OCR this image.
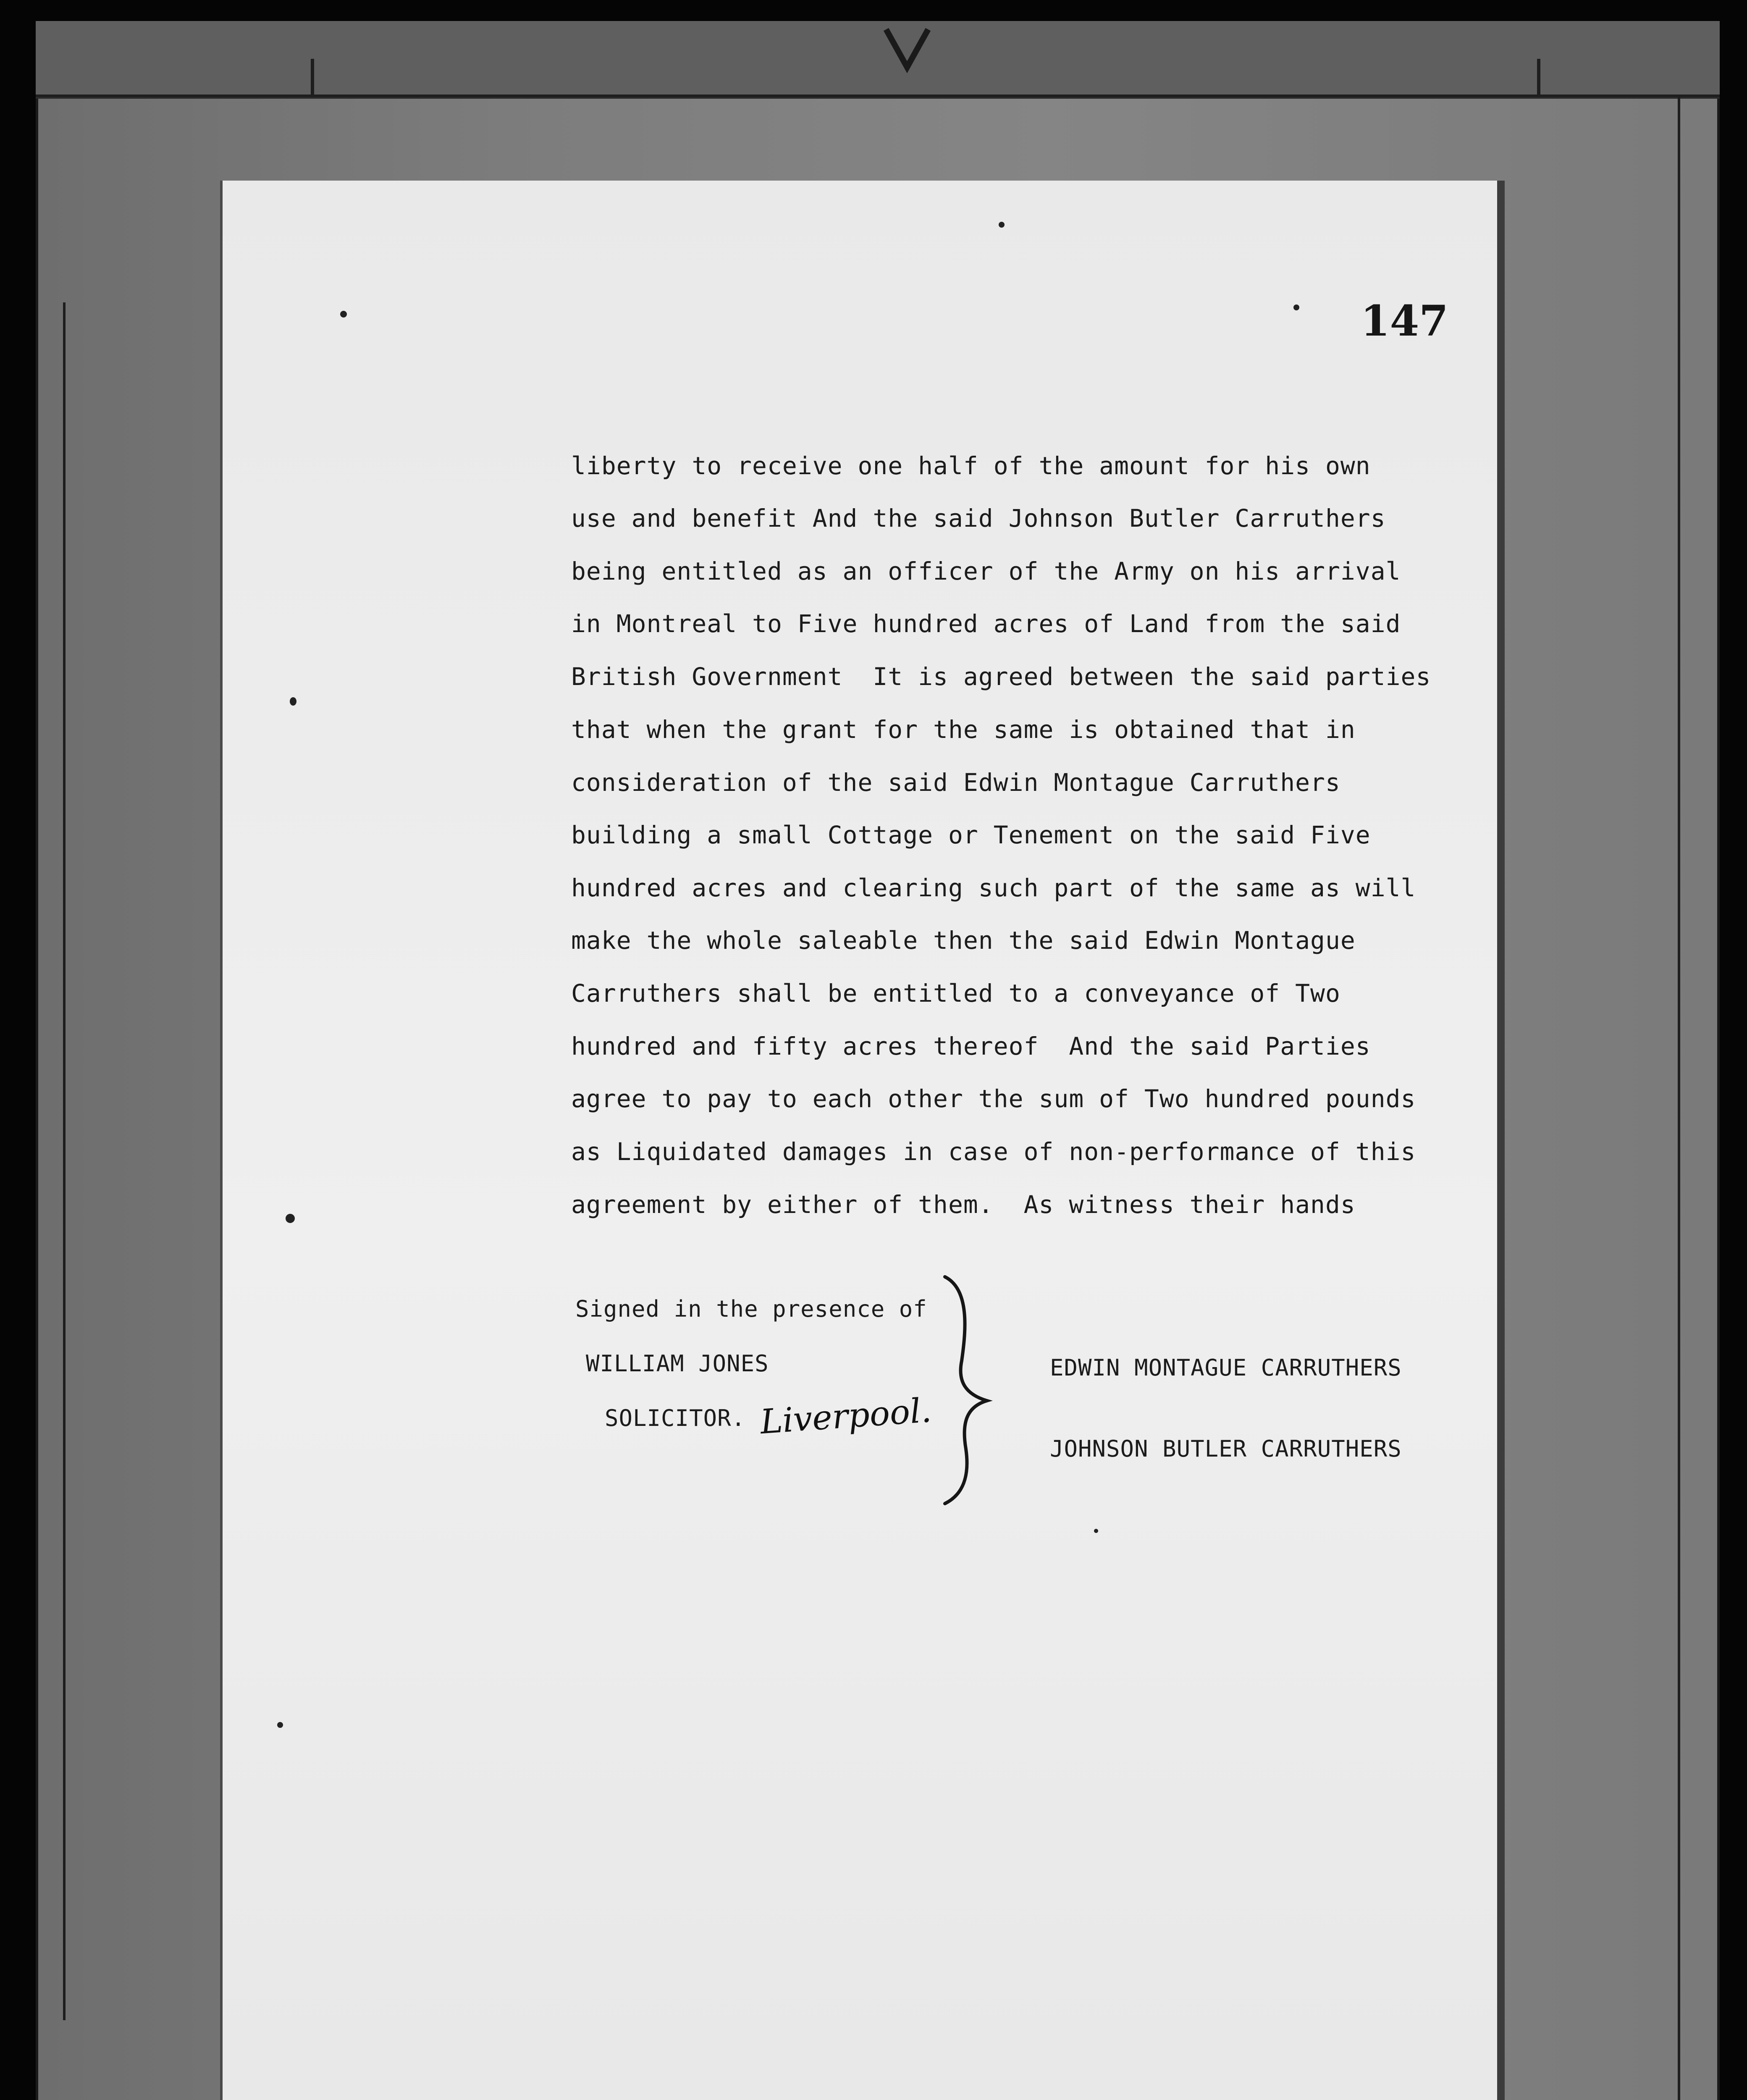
147
liberty to receive one half of the amount for his own
use and benefit And the said Johnson Butler Carruthers
being entitled as an officer of the Army on his arrival
in Montreal to Five hundred acres of Land from the said
British Government  It is agreed between the said parties
that when the grant for the same is obtained that in
consideration of the said Edwin Montague Carruthers
building a small Cottage or Tenement on the said Five
hundred acres and clearing such part of the same as will
make the whole saleable then the said Edwin Montague
Carruthers shall be entitled to a conveyance of Two
hundred and fifty acres thereof  And the said Parties
agree to pay to each other the sum of Two hundred pounds
as Liquidated damages in case of non-performance of this
agreement by either of them.  As witness their hands
Signed in the presence of
WILLIAM JONES
SOLICITOR. Liverpool.
EDWIN MONTAGUE CARRUTHERS
JOHNSON BUTLER CARRUTHERS
